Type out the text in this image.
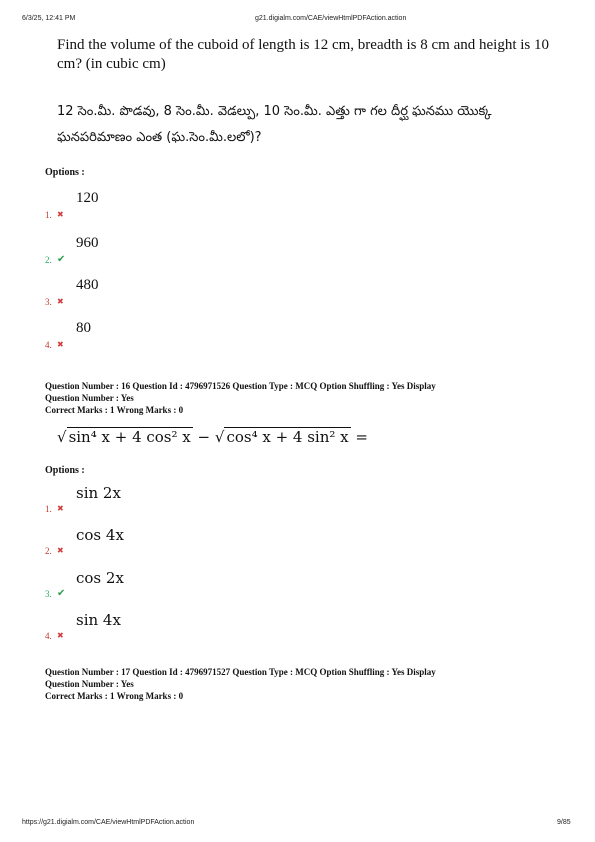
6/3/25, 12:41 PM	g21.digialm.com/CAE/viewHtmlPDFAction.action
Find the volume of the cuboid of length is 12 cm, breadth is 8 cm and height is 10 cm? (in cubic cm)
12 సెం.మీ. పొడవు, 8 సెం.మీ. వెడల్పు, 10 సెం.మీ. ఎత్తు గా గల దీర్ఘ ఘనము యొక్క ఘనపరిమాణం ఎంత (ఘ.సెం.మీ.లలో)?
Options :
1. ✖
120
2. ✔
960
3. ✖
480
4. ✖
80
Question Number : 16 Question Id : 4796971526 Question Type : MCQ Option Shuffling : Yes Display
Question Number : Yes
Correct Marks : 1 Wrong Marks : 0
√ sin⁴ x + 4 cos² x − √ cos⁴ x + 4 sin² x =
Options :
1. ✖
sin 2x
2. ✖
cos 4x
3. ✔
cos 2x
4. ✖
sin 4x
Question Number : 17 Question Id : 4796971527 Question Type : MCQ Option Shuffling : Yes Display
Question Number : Yes
Correct Marks : 1 Wrong Marks : 0
https://g21.digialm.com/CAE/viewHtmlPDFAction.action	9/85
